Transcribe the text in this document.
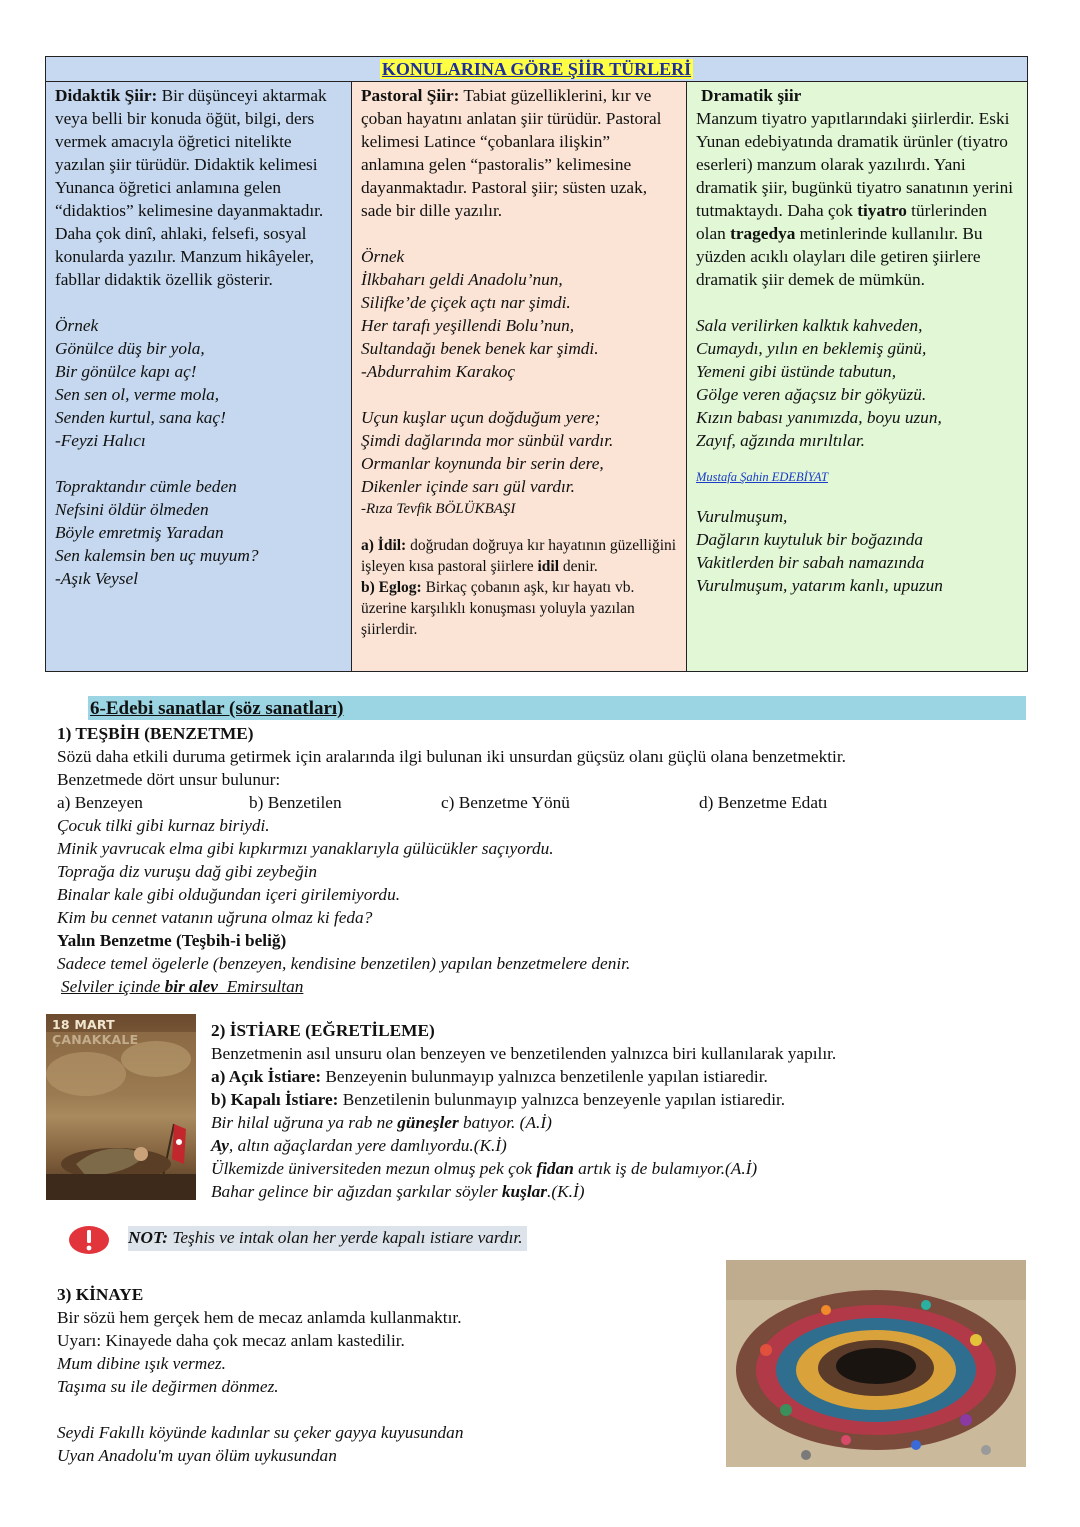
KONULARINA GÖRE ŞİİR TÜRLERİ

Didaktik Şiir: Bir düşünceyi aktarmak veya belli bir konuda öğüt, bilgi, ders vermek amacıyla öğretici nitelikte yazılan şiir türüdür. Didaktik kelimesi Yunanca öğretici anlamına gelen “didaktios” kelimesine dayanmaktadır. Daha çok dinî, ahlaki, felsefi, sosyal konularda yazılır. Manzum hikâyeler, fabllar didaktik özellik gösterir.

Örnek

Gönülce düş bir yola,

Bir gönülce kapı aç!

Sen sen ol, verme mola,

Senden kurtul, sana kaç!

-Feyzi Halıcı

Topraktandır cümle beden

Nefsini öldür ölmeden

Böyle emretmiş Yaradan

Sen kalemsin ben uç muyum?

-Aşık Veysel

Pastoral Şiir: Tabiat güzelliklerini, kır ve çoban hayatını anlatan şiir türüdür. Pastoral kelimesi Latince “çobanlara ilişkin” anlamına gelen “pastoralis” kelimesine dayanmaktadır. Pastoral şiir; süsten uzak, sade bir dille yazılır.

Örnek

İlkbaharı geldi Anadolu’nun,

Silifke’de çiçek açtı nar şimdi.

Her tarafı yeşillendi Bolu’nun,

Sultandağı benek benek kar şimdi.

-Abdurrahim Karakoç

Uçun kuşlar uçun doğduğum yere;

Şimdi dağlarında mor sünbül vardır.

Ormanlar koynunda bir serin dere,

Dikenler içinde sarı gül vardır.

-Rıza Tevfik BÖLÜKBAŞI

a) İdil: doğrudan doğruya kır hayatının güzelliğini işleyen kısa pastoral şiirlere idil denir.

b) Eglog: Birkaç çobanın aşk, kır hayatı vb. üzerine karşılıklı konuşması yoluyla yazılan şiirlerdir.

Dramatik şiir

Manzum tiyatro yapıtlarındaki şiirlerdir. Eski Yunan edebiyatında dramatik ürünler (tiyatro eserleri) manzum olarak yazılırdı. Yani dramatik şiir, bugünkü tiyatro sanatının yerini tutmaktaydı. Daha çok tiyatro türlerinden olan tragedya metinlerinde kullanılır. Bu yüzden acıklı olayları dile getiren şiirlere dramatik şiir demek de mümkün.

Sala verilirken kalktık kahveden,

Cumaydı, yılın en beklemiş günü,

Yemeni gibi üstünde tabutun,

Gölge veren ağaçsız bir gökyüzü.

Kızın babası yanımızda, boyu uzun,

Zayıf, ağzında mırıltılar.

Mustafa Şahin EDEBİYAT

Vurulmuşum,

Dağların kuytuluk bir boğazında

Vakitlerden bir sabah namazında

Vurulmuşum, yatarım kanlı, upuzun

6-Edebi sanatlar (söz sanatları)

1) TEŞBİH (BENZETME)

Sözü daha etkili duruma getirmek için aralarında ilgi bulunan iki unsurdan güçsüz olanı güçlü olana benzetmektir.

Benzetmede dört unsur bulunur:

a) Benzeyen	b) Benzetilen	c) Benzetme Yönü	d) Benzetme Edatı

Çocuk tilki gibi kurnaz biriydi.

Minik yavrucak elma gibi kıpkırmızı yanaklarıyla gülücükler saçıyordu.

Toprağa diz vuruşu dağ gibi zeybeğin

Binalar kale gibi olduğundan içeri girilemiyordu.

Kim bu cennet vatanın uğruna olmaz ki feda?

Yalın Benzetme (Teşbih-i beliğ)

Sadece temel ögelerle (benzeyen, kendisine benzetilen) yapılan benzetmelere denir.

Selviler içinde bir alev  Emirsultan

18 MART	2) İSTİARE (EĞRETİLEME)

Benzetmenin asıl unsuru olan benzeyen ve benzetilenden yalnızca biri kullanılarak yapılır.

a) Açık İstiare: Benzeyenin bulunmayıp yalnızca benzetilenle yapılan istiaredir.

b) Kapalı İstiare: Benzetilenin bulunmayıp yalnızca benzeyenle yapılan istiaredir.

Bir hilal uğruna ya rab ne güneşler batıyor. (A.İ)

Ay, altın ağaçlardan yere damlıyordu.(K.İ)

Ülkemizde üniversiteden mezun olmuş pek çok fidan artık iş de bulamıyor.(A.İ)

Bahar gelince bir ağızdan şarkılar söyler kuşlar.(K.İ)

NOT: Teşhis ve intak olan her yerde kapalı istiare vardır.

3) KİNAYE

Bir sözü hem gerçek hem de mecaz anlamda kullanmaktır.

Uyarı: Kinayede daha çok mecaz anlam kastedilir.

Mum dibine ışık vermez.

Taşıma su ile değirmen dönmez.

Seydi Fakıllı köyünde kadınlar su çeker gayya kuyusundan

Uyan Anadolu'm uyan ölüm uykusundan
